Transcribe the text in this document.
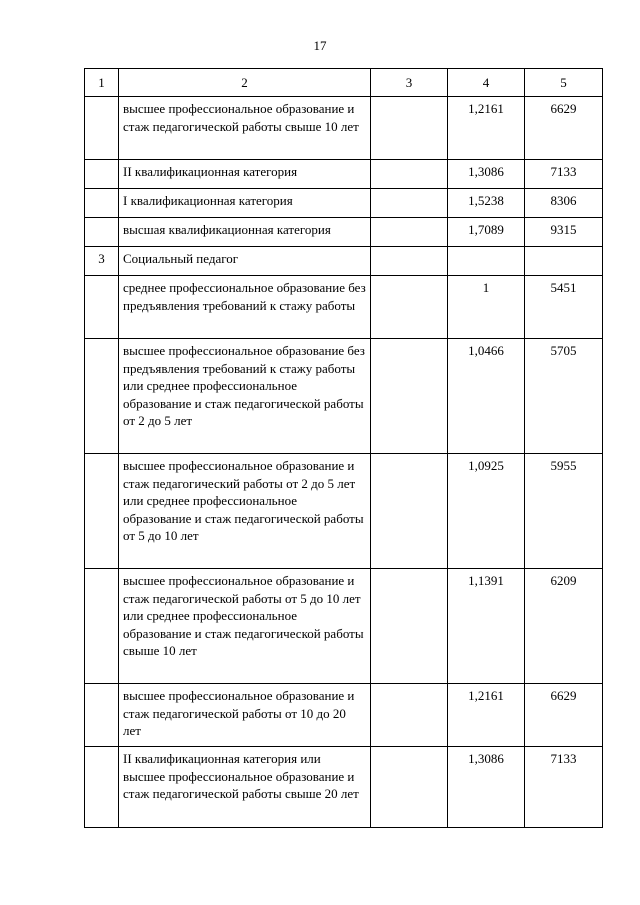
17
1	2	3	4	5
	высшее профессиональное образование и стаж педагогической работы свыше 10 лет		1,2161	6629
	II квалификационная категория		1,3086	7133
	I квалификационная категория		1,5238	8306
	высшая квалификационная категория		1,7089	9315
3	Социальный педагог			
	среднее профессиональное образование без предъявления требований к стажу работы		1	5451
	высшее профессиональное образование без предъявления требований к стажу работы или среднее профессиональное образование и стаж педагогической работы от 2 до 5 лет		1,0466	5705
	высшее профессиональное образование и стаж педагогический работы от 2 до 5 лет или среднее профессиональное образование и стаж педагогической работы от 5 до 10 лет		1,0925	5955
	высшее профессиональное образование и стаж педагогической работы от 5 до 10 лет или среднее профессиональное образование и стаж педагогической работы свыше 10 лет		1,1391	6209
	высшее профессиональное образование и стаж педагогической работы от 10 до 20 лет		1,2161	6629
	II квалификационная категория или высшее профессиональное образование и стаж педагогической работы свыше 20 лет		1,3086	7133
